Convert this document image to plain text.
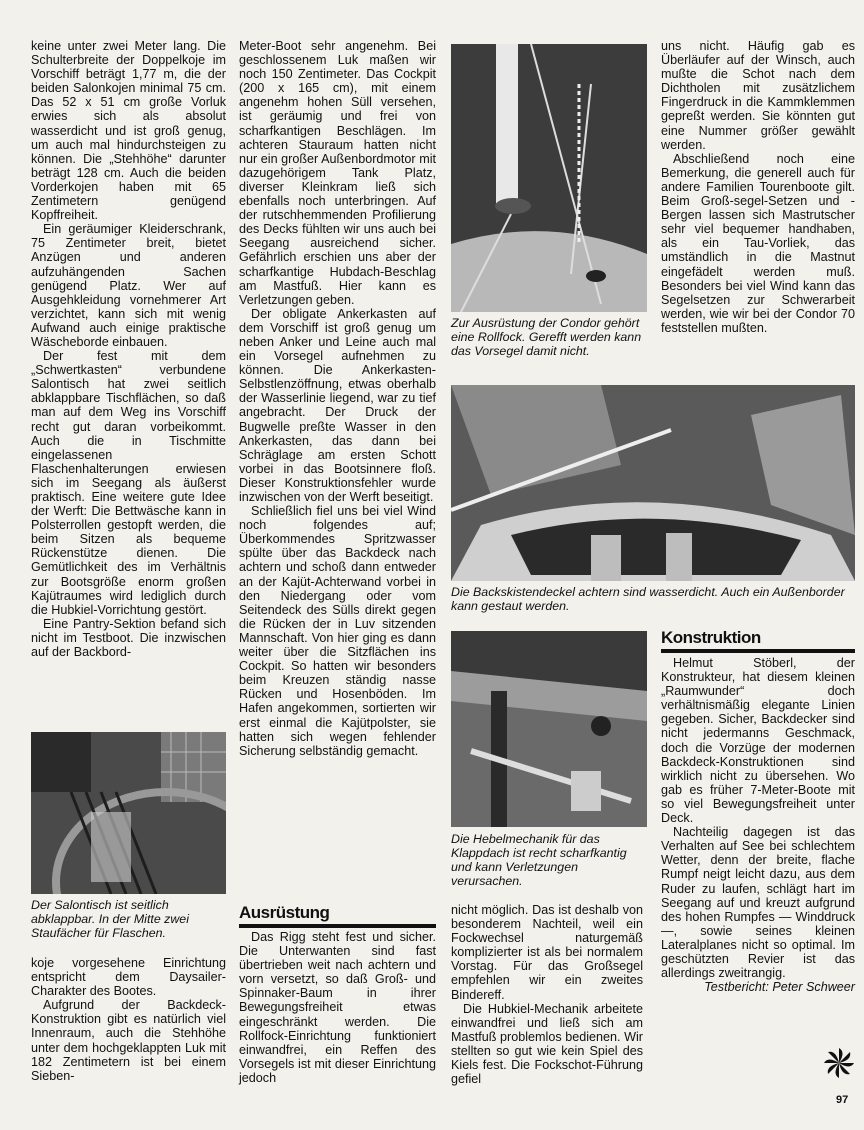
keine unter zwei Meter lang. Die Schulterbreite der Doppelkoje im Vorschiff beträgt 1,77 m, die der beiden Salonkojen minimal 75 cm. Das 52 x 51 cm große Vorluk erwies sich als absolut wasserdicht und ist groß genug, um auch mal hindurchsteigen zu können. Die „Stehhöhe“ darunter beträgt 128 cm. Auch die beiden Vorderkojen haben mit 65 Zentimetern genügend Kopffreiheit.

Ein geräumiger Kleiderschrank, 75 Zentimeter breit, bietet Anzügen und anderen aufzuhängenden Sachen genügend Platz. Wer auf Ausgehkleidung vornehmerer Art verzichtet, kann sich mit wenig Aufwand auch einige praktische Wäscheborde einbauen.

Der fest mit dem „Schwertkasten“ verbundene Salontisch hat zwei seitlich abklappbare Tischflächen, so daß man auf dem Weg ins Vorschiff recht gut daran vorbeikommt. Auch die in Tischmitte eingelassenen Flaschenhalterungen erwiesen sich im Seegang als äußerst praktisch. Eine weitere gute Idee der Werft: Die Bettwäsche kann in Polsterrollen gestopft werden, die beim Sitzen als bequeme Rückenstütze dienen. Die Gemütlichkeit des im Verhältnis zur Bootsgröße enorm großen Kajütraumes wird lediglich durch die Hubkiel-Vorrichtung gestört.

Eine Pantry-Sektion befand sich nicht im Testboot. Die inzwischen auf der Backbord-

Der Salontisch ist seitlich abklappbar. In der Mitte zwei Staufächer für Flaschen.

koje vorgesehene Einrichtung entspricht dem Daysailer-Charakter des Bootes.

Aufgrund der Backdeck-Konstruktion gibt es natürlich viel Innenraum, auch die Stehhöhe unter dem hochgeklappten Luk mit 182 Zentimetern ist bei einem Sieben-

Meter-Boot sehr angenehm. Bei geschlossenem Luk maßen wir noch 150 Zentimeter. Das Cockpit (200 x 165 cm), mit einem angenehm hohen Süll versehen, ist geräumig und frei von scharfkantigen Beschlägen. Im achteren Stauraum hatten nicht nur ein großer Außenbordmotor mit dazugehörigem Tank Platz, diverser Kleinkram ließ sich ebenfalls noch unterbringen. Auf der rutschhemmenden Profilierung des Decks fühlten wir uns auch bei Seegang ausreichend sicher. Gefährlich erschien uns aber der scharfkantige Hubdach-Beschlag am Mastfuß. Hier kann es Verletzungen geben.

Der obligate Ankerkasten auf dem Vorschiff ist groß genug um neben Anker und Leine auch mal ein Vorsegel aufnehmen zu können. Die Ankerkasten-Selbstlenzöffnung, etwas oberhalb der Wasserlinie liegend, war zu tief angebracht. Der Druck der Bugwelle preßte Wasser in den Ankerkasten, das dann bei Schräglage am ersten Schott vorbei in das Bootsinnere floß. Dieser Konstruktionsfehler wurde inzwischen von der Werft beseitigt.

Schließlich fiel uns bei viel Wind noch folgendes auf; Überkommendes Spritzwasser spülte über das Backdeck nach achtern und schoß dann entweder an der Kajüt-Achterwand vorbei in den Niedergang oder vom Seitendeck des Sülls direkt gegen die Rücken der in Luv sitzenden Mannschaft. Von hier ging es dann weiter über die Sitzflächen ins Cockpit. So hatten wir besonders beim Kreuzen ständig nasse Rücken und Hosenböden. Im Hafen angekommen, sortierten wir erst einmal die Kajütpolster, sie hatten sich wegen fehlender Sicherung selbständig gemacht.

Ausrüstung

Das Rigg steht fest und sicher. Die Unterwanten sind fast übertrieben weit nach achtern und vorn versetzt, so daß Groß- und Spinnaker-Baum in ihrer Bewegungsfreiheit etwas eingeschränkt werden. Die Rollfock-Einrichtung funktioniert einwandfrei, ein Reffen des Vorsegels ist mit dieser Einrichtung jedoch

Zur Ausrüstung der Condor gehört eine Rollfock. Gerefft werden kann das Vorsegel damit nicht.
Die Backskistendeckel achtern sind wasserdicht. Auch ein Außenborder kann gestaut werden.
Die Hebelmechanik für das Klappdach ist recht scharfkantig und kann Verletzungen verursachen.

nicht möglich. Das ist deshalb von besonderem Nachteil, weil ein Fockwechsel naturgemäß komplizierter ist als bei normalem Vorstag. Für das Großsegel empfehlen wir ein zweites Bindereff.

Die Hubkiel-Mechanik arbeitete einwandfrei und ließ sich am Mastfuß problemlos bedienen. Wir stellten so gut wie kein Spiel des Kiels fest. Die Fockschot-Führung gefiel

uns nicht. Häufig gab es Überläufer auf der Winsch, auch mußte die Schot nach dem Dichtholen mit zusätzlichem Fingerdruck in die Kammklemmen gepreßt werden. Sie könnten gut eine Nummer größer gewählt werden.

Abschließend noch eine Bemerkung, die generell auch für andere Familien Tourenboote gilt. Beim Groß-segel-Setzen und -Bergen lassen sich Mastrutscher sehr viel bequemer handhaben, als ein Tau-Vorliek, das umständlich in die Mastnut eingefädelt werden muß. Besonders bei viel Wind kann das Segelsetzen zur Schwerarbeit werden, wie wir bei der Condor 70 feststellen mußten.

Konstruktion

Helmut Stöberl, der Konstrukteur, hat diesem kleinen „Raumwunder“ doch verhältnismäßig elegante Linien gegeben. Sicher, Backdecker sind nicht jedermanns Geschmack, doch die Vorzüge der modernen Backdeck-Konstruktionen sind wirklich nicht zu übersehen. Wo gab es früher 7-Meter-Boote mit so viel Bewegungsfreiheit unter Deck.

Nachteilig dagegen ist das Verhalten auf See bei schlechtem Wetter, denn der breite, flache Rumpf neigt leicht dazu, aus dem Ruder zu laufen, schlägt hart im Seegang auf und kreuzt aufgrund des hohen Rumpfes — Winddruck —, sowie seines kleinen Lateralplanes nicht so optimal. Im geschützten Revier ist das allerdings zweitrangig.

Testbericht: Peter Schweer

97
